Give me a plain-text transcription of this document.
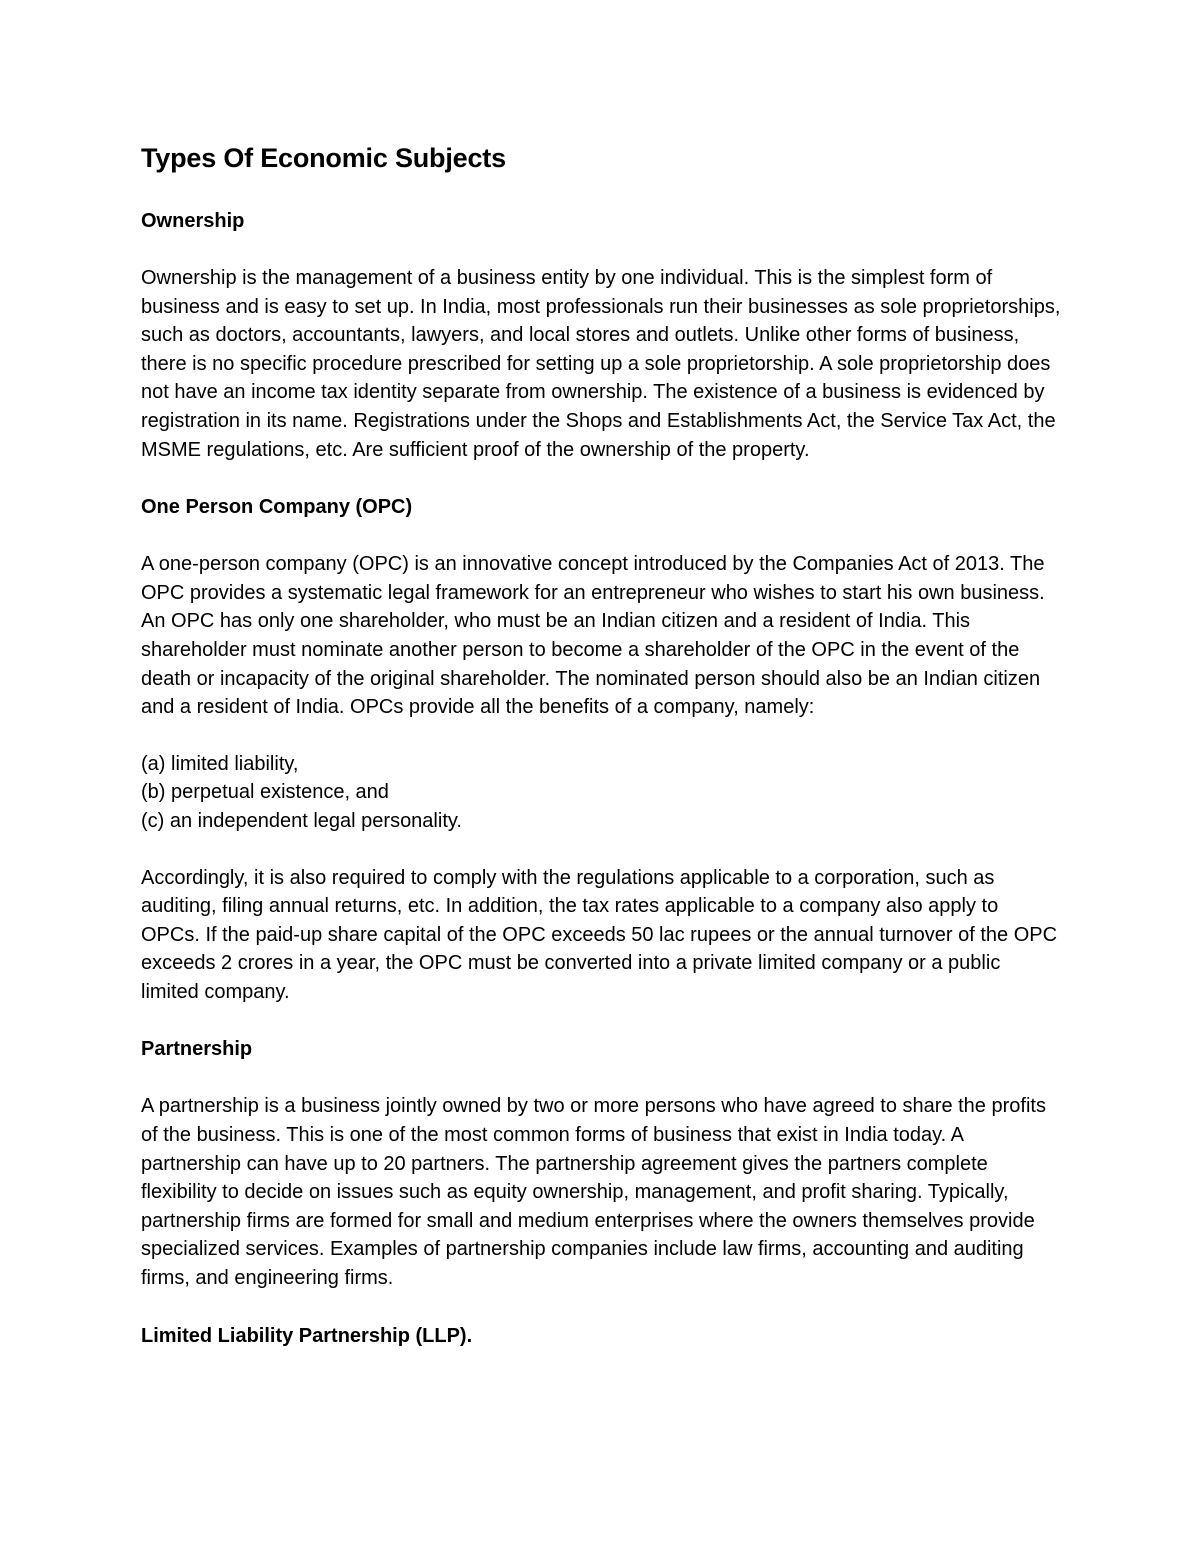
Types Of Economic Subjects
Ownership

Ownership is the management of a business entity by one individual. This is the simplest form of business and is easy to set up. In India, most professionals run their businesses as sole proprietorships, such as doctors, accountants, lawyers, and local stores and outlets. Unlike other forms of business, there is no specific procedure prescribed for setting up a sole proprietorship. A sole proprietorship does not have an income tax identity separate from ownership. The existence of a business is evidenced by registration in its name. Registrations under the Shops and Establishments Act, the Service Tax Act, the MSME regulations, etc. Are sufficient proof of the ownership of the property.

One Person Company (OPC)

A one-person company (OPC) is an innovative concept introduced by the Companies Act of 2013. The OPC provides a systematic legal framework for an entrepreneur who wishes to start his own business. An OPC has only one shareholder, who must be an Indian citizen and a resident of India. This shareholder must nominate another person to become a shareholder of the OPC in the event of the death or incapacity of the original shareholder. The nominated person should also be an Indian citizen and a resident of India. OPCs provide all the benefits of a company, namely:

(a) limited liability,
(b) perpetual existence, and
(c) an independent legal personality.

Accordingly, it is also required to comply with the regulations applicable to a corporation, such as auditing, filing annual returns, etc. In addition, the tax rates applicable to a company also apply to OPCs. If the paid-up share capital of the OPC exceeds 50 lac rupees or the annual turnover of the OPC exceeds 2 crores in a year, the OPC must be converted into a private limited company or a public limited company.

Partnership

A partnership is a business jointly owned by two or more persons who have agreed to share the profits of the business. This is one of the most common forms of business that exist in India today. A partnership can have up to 20 partners. The partnership agreement gives the partners complete flexibility to decide on issues such as equity ownership, management, and profit sharing. Typically, partnership firms are formed for small and medium enterprises where the owners themselves provide specialized services. Examples of partnership companies include law firms, accounting and auditing firms, and engineering firms.

Limited Liability Partnership (LLP).
